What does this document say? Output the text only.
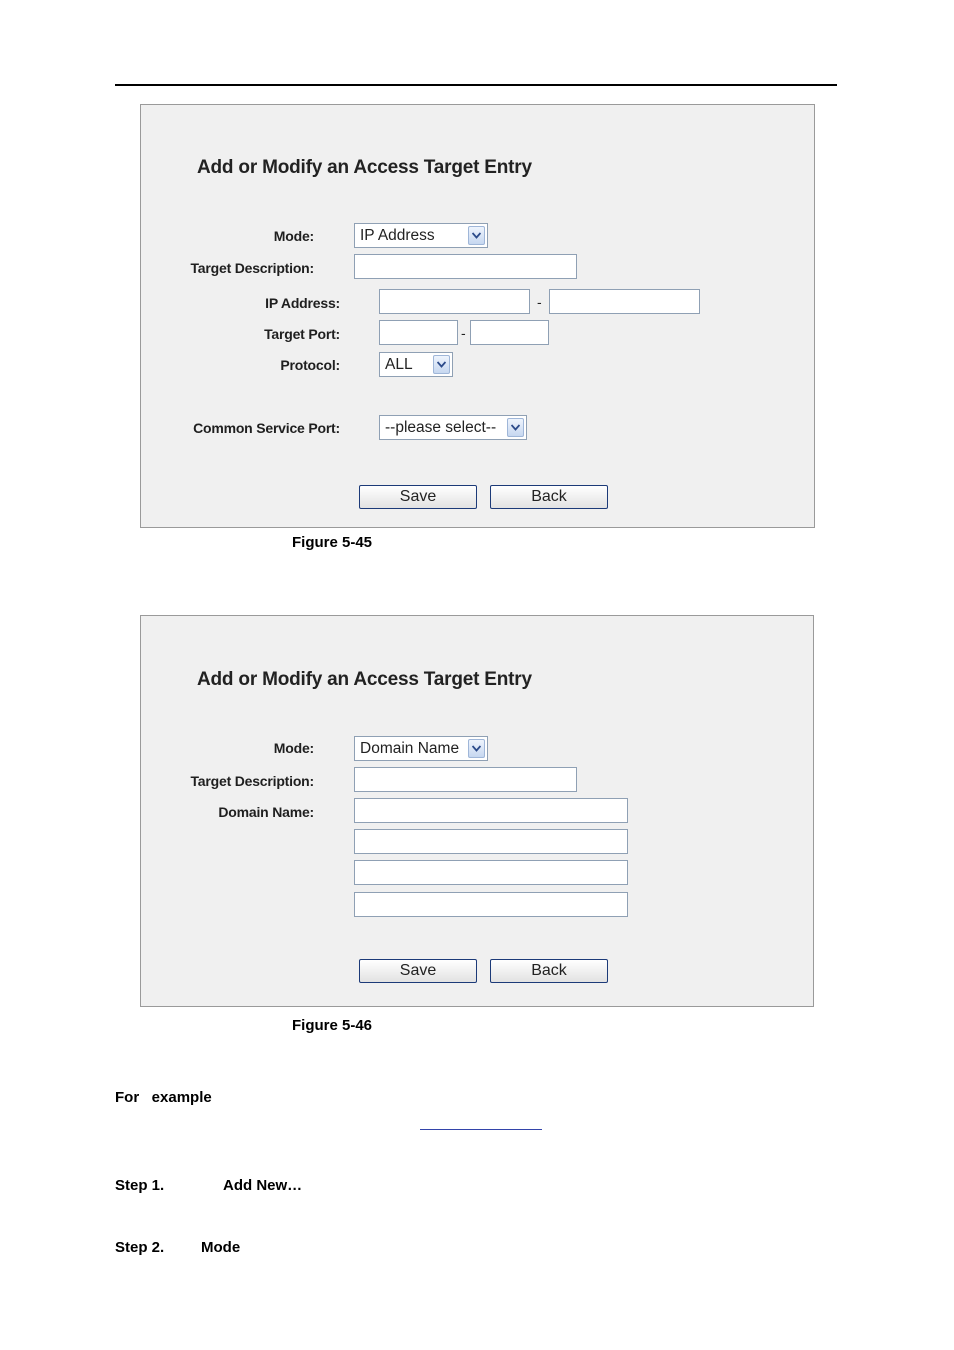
Add or Modify an Access Target Entry
Mode:	IP Address
Target Description:
IP Address:	-
Target Port:	-
Protocol:	ALL
Common Service Port:	--please select--
Save	Back
Figure 5-45
Add or Modify an Access Target Entry
Mode:	Domain Name
Target Description:
Domain Name:
Save	Back
Figure 5-46
For   example
Step 1.	Add New…
Step 2. Mode
